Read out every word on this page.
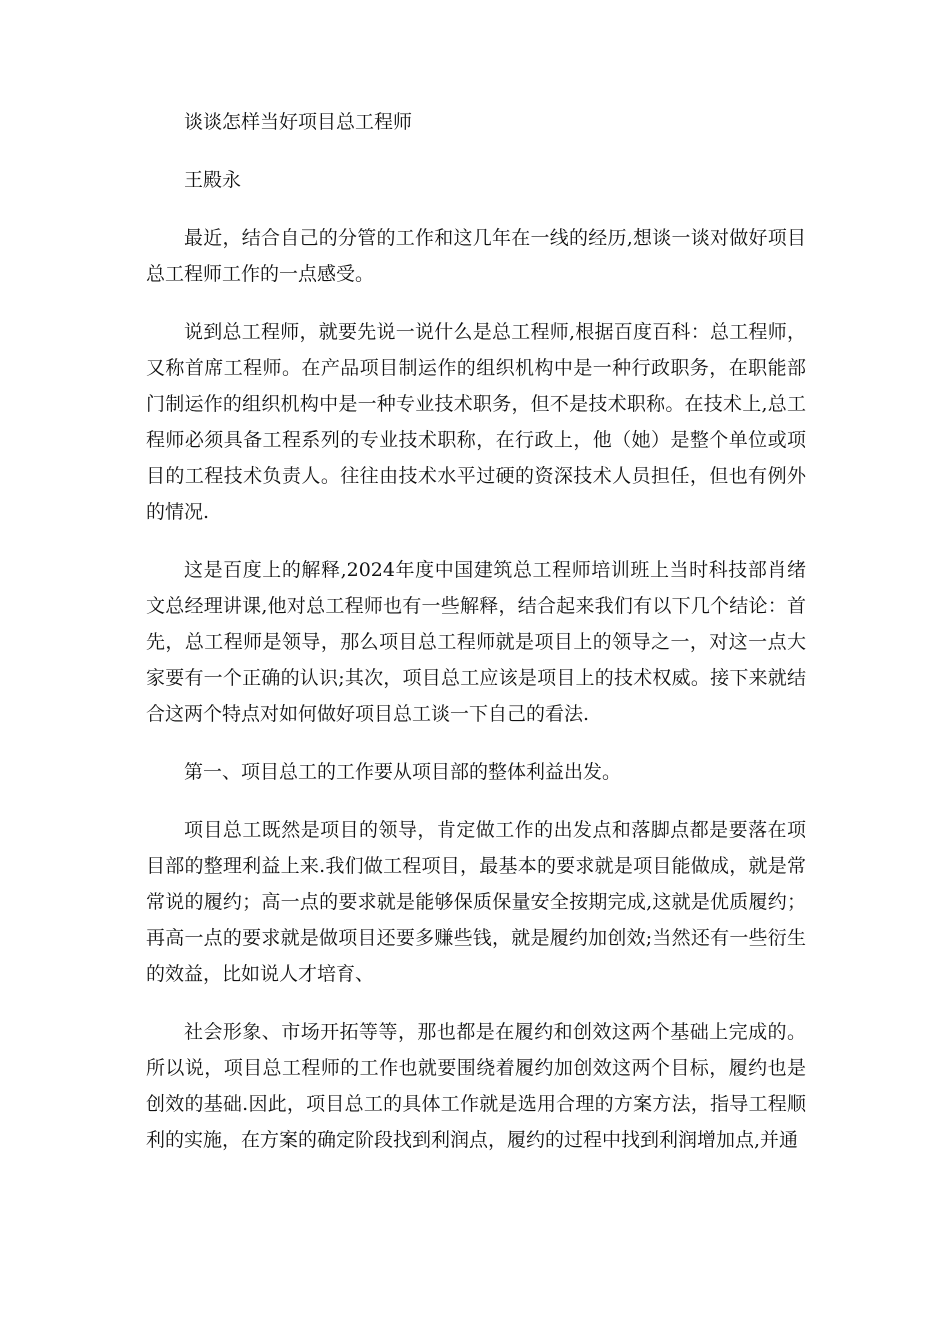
谈谈怎样当好项目总工程师

王殿永

最近，结合自己的分管的工作和这几年在一线的经历,想谈一谈对做好项目总工程师工作的一点感受。

说到总工程师，就要先说一说什么是总工程师,根据百度百科：总工程师，又称首席工程师。在产品项目制运作的组织机构中是一种行政职务，在职能部门制运作的组织机构中是一种专业技术职务，但不是技术职称。在技术上,总工程师必须具备工程系列的专业技术职称，在行政上，他（她）是整个单位或项目的工程技术负责人。往往由技术水平过硬的资深技术人员担任，但也有例外的情况.

这是百度上的解释,2024年度中国建筑总工程师培训班上当时科技部肖绪文总经理讲课,他对总工程师也有一些解释，结合起来我们有以下几个结论：首先，总工程师是领导，那么项目总工程师就是项目上的领导之一，对这一点大家要有一个正确的认识;其次，项目总工应该是项目上的技术权威。接下来就结合这两个特点对如何做好项目总工谈一下自己的看法.

第一、项目总工的工作要从项目部的整体利益出发。

项目总工既然是项目的领导，肯定做工作的出发点和落脚点都是要落在项目部的整理利益上来.我们做工程项目，最基本的要求就是项目能做成，就是常常说的履约；高一点的要求就是能够保质保量安全按期完成,这就是优质履约；再高一点的要求就是做项目还要多赚些钱，就是履约加创效;当然还有一些衍生的效益，比如说人才培育、

社会形象、市场开拓等等，那也都是在履约和创效这两个基础上完成的。所以说，项目总工程师的工作也就要围绕着履约加创效这两个目标，履约也是创效的基础.因此，项目总工的具体工作就是选用合理的方案方法，指导工程顺利的实施，在方案的确定阶段找到利润点，履约的过程中找到利润增加点,并通
